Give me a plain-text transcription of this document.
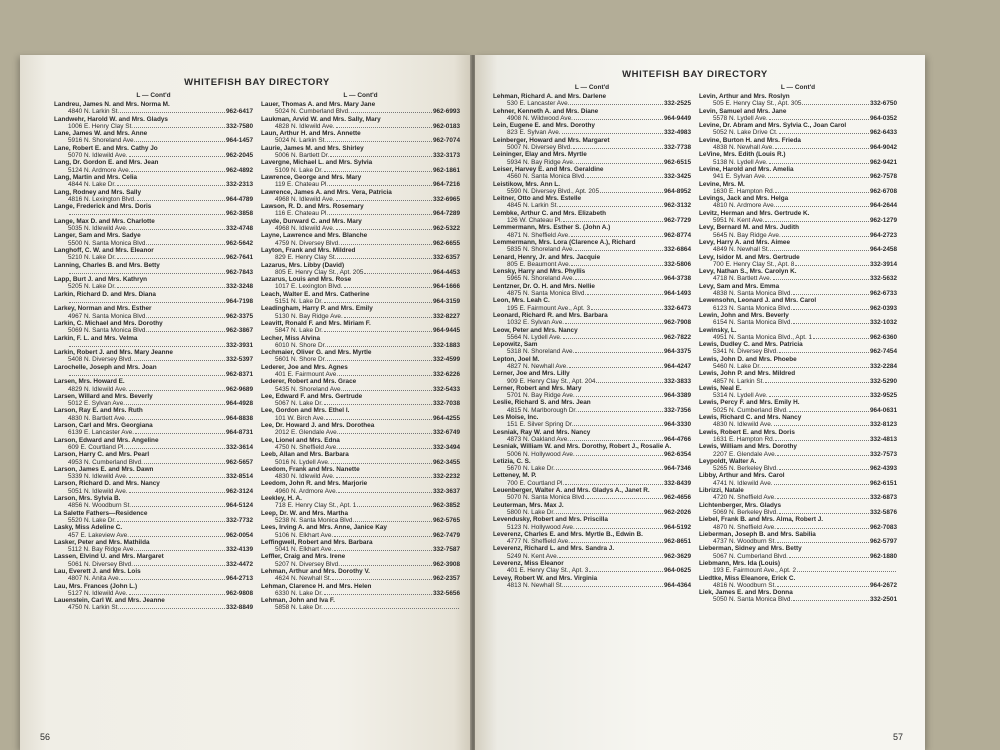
WHITEFISH BAY DIRECTORY
L — Cont'd
Landreu, James N. and Mrs. Norma M.
4840 N. Larkin St.	962-6417
Landwehr, Harold W. and Mrs. Gladys
1006 E. Henry Clay St.	332-7580
Lane, James W. and Mrs. Anne
5916 N. Shoreland Ave.	964-1457
Lane, Robert E. and Mrs. Cathy Jo
5070 N. Idlewild Ave.	962-2045
Lang, Dr. Gordon E. and Mrs. Jean
5124 N. Ardmore Ave.	962-4892
Lang, Martin and Mrs. Celia
4844 N. Lake Dr.	332-2313
Lang, Rodney and Mrs. Sally
4816 N. Lexington Blvd.	964-4789
Lange, Frederick and Mrs. Doris
962-3858
Lange, Max D. and Mrs. Charlotte
5035 N. Idlewild Ave.	332-4748
Langer, Sam and Mrs. Sadye
5500 N. Santa Monica Blvd.	962-5642
Langhoff, C. W. and Mrs. Eleanor
5210 N. Lake Dr.	962-7641
Lanning, Charles B. and Mrs. Betty
962-7843
Lapp, Burt J. and Mrs. Kathryn
5205 N. Lake Dr.	332-3248
Larkin, Richard D. and Mrs. Diana
964-7198
Larkey, Norman and Mrs. Esther
4967 N. Santa Monica Blvd.	962-3375
Larkin, C. Michael and Mrs. Dorothy
5069 N. Santa Monica Blvd.	962-3867
Larkin, F. L. and Mrs. Velma
332-3931
Larkin, Robert J. and Mrs. Mary Jeanne
5408 N. Diversey Blvd.	332-5397
Larochelle, Joseph and Mrs. Joan
962-8371
Larsen, Mrs. Howard E.
4829 N. Idlewild Ave.	962-9689
Larsen, Willard and Mrs. Beverly
5012 E. Sylvan Ave.	964-4928
Larson, Ray E. and Mrs. Ruth
4830 N. Bartlett Ave.	964-8838
Larson, Carl and Mrs. Georgiana
6139 E. Lancaster Ave.	964-8731
Larson, Edward and Mrs. Angeline
609 E. Courtland Pl.	332-3614
Larson, Harry C. and Mrs. Pearl
4953 N. Cumberland Blvd.	962-5657
Larson, James E. and Mrs. Dawn
5339 N. Idlewild Ave.	332-8514
Larson, Richard D. and Mrs. Nancy
5051 N. Idlewild Ave.	962-3124
Larson, Mrs. Sylvia B.
4856 N. Woodburn St.	964-5124
La Salette Fathers—Residence
5520 N. Lake Dr.	332-7732
Lasky, Miss Adeline C.
457 E. Lakeview Ave.	962-0054
Lasker, Peter and Mrs. Mathilda
5112 N. Bay Ridge Ave.	332-4139
Lassen, Elvind U. and Mrs. Margaret
5061 N. Diversey Blvd.	332-4472
Lau, Everett J. and Mrs. Lois
4807 N. Anita Ave.	964-2713
Lau, Mrs. Frances (John L.)
5127 N. Idlewild Ave.	962-9808
Lauenstein, Carl W. and Mrs. Jeanne
4750 N. Larkin St.	332-8849
L — Cont'd
Lauer, Thomas A. and Mrs. Mary Jane
5024 N. Cumberland Blvd.	962-6993
Laukman, Arvid W. and Mrs. Sally, Mary
4828 N. Idlewild Ave.	962-0183
Laun, Arthur H. and Mrs. Annette
5024 N. Larkin St.	962-7074
Laurie, James M. and Mrs. Shirley
5006 N. Bartlett Dr.	332-3173
Lavergne, Michael L. and Mrs. Sylvia
5109 N. Lake Dr.	962-1861
Lawrence, George and Mrs. Mary
119 E. Chateau Pl.	964-7216
Lawrence, James A. and Mrs. Vera, Patricia
4968 N. Idlewild Ave.	332-6965
Lawson, R. D. and Mrs. Rosemary
116 E. Chateau Pl.	964-7289
Layde, Durward C. and Mrs. Mary
4968 N. Idlewild Ave.	962-5322
Layne, Lawrence and Mrs. Blanche
4759 N. Diversey Blvd.	962-6655
Layton, Frank and Mrs. Mildred
829 E. Henry Clay St.	332-6357
Lazarus, Mrs. Libby (David)
805 E. Henry Clay St., Apt. 205	964-4453
Lazarus, Louis and Mrs. Rose
1017 E. Lexington Blvd.	964-1666
Leach, Walter E. and Mrs. Catherine
5151 N. Lake Dr.	964-3159
Leadingham, Harry P. and Mrs. Emily
5130 N. Bay Ridge Ave.	332-8227
Leavitt, Ronald F. and Mrs. Miriam F.
5847 N. Lake Dr.	964-9445
Lecher, Miss Alvina
6010 N. Shore Dr.	332-1883
Lechmaier, Oliver G. and Mrs. Myrtle
5601 N. Shore Dr.	332-4599
Lederer, Joe and Mrs. Agnes
401 E. Fairmount Ave.	332-6226
Lederer, Robert and Mrs. Grace
5435 N. Shoreland Ave.	332-5433
Lee, Edward F. and Mrs. Gertrude
5067 N. Lake Dr.	332-7038
Lee, Gordon and Mrs. Ethel I.
101 W. Birch Ave.	964-4255
Lee, Dr. Howard J. and Mrs. Dorothea
2012 E. Glendale Ave.	332-6749
Lee, Lionel and Mrs. Edna
4750 N. Sheffield Ave.	332-3494
Leeb, Allan and Mrs. Barbara
5016 N. Lydell Ave.	962-3455
Leedom, Frank and Mrs. Nanette
4830 N. Idlewild Ave.	332-2232
Leedom, John R. and Mrs. Marjorie
4960 N. Ardmore Ave.	332-3637
Leekley, H. A.
718 E. Henry Clay St., Apt. 1	962-3852
Leep, Dr. W. and Mrs. Martha
5238 N. Santa Monica Blvd.	962-5765
Lees, Irving A. and Mrs. Anne, Janice Kay
5106 N. Elkhart Ave.	962-7479
Leffingwell, Robert and Mrs. Barbara
5041 N. Elkhart Ave.	332-7587
Leffler, Craig and Mrs. Irene
5207 N. Diversey Blvd.	962-3908
Lehman, Arthur and Mrs. Dorothy V.
4624 N. Newhall St.	962-2357
Lehman, Clarence H. and Mrs. Helen
6330 N. Lake Dr.	332-5656
Lehman, John and Iva F.
5858 N. Lake Dr.
56
WHITEFISH BAY DIRECTORY
L — Cont'd
Lehman, Richard A. and Mrs. Darlene
530 E. Lancaster Ave.	332-2525
Lehner, Kenneth A. and Mrs. Diane
4908 N. Wildwood Ave.	964-9449
Lein, Eugene E. and Mrs. Dorothy
823 E. Sylvan Ave.	332-4983
Leinberger, Howard and Mrs. Margaret
5007 N. Diversey Blvd.	332-7738
Leininger, Elay and Mrs. Myrtle
5934 N. Bay Ridge Ave.	962-6515
Leiser, Harvey E. and Mrs. Geraldine
4560 N. Santa Monica Blvd.	332-3425
Leistikow, Mrs. Ann L.
5590 N. Diversey Blvd., Apt. 205	964-8952
Leitner, Otto and Mrs. Estelle
4845 N. Larkin St.	962-3132
Lembke, Arthur C. and Mrs. Elizabeth
126 W. Chateau Pl.	962-7729
Lemmermann, Mrs. Esther S. (John A.)
4871 N. Sheffield Ave.	962-8774
Lemmermann, Mrs. Lora (Clarence A.), Richard
5835 N. Shoreland Ave.	332-6864
Lenard, Henry, Jr. and Mrs. Jacquie
805 E. Beaumont Ave.	332-5806
Lensky, Harry and Mrs. Phyllis
5965 N. Shoreland Ave.	964-3738
Lentzner, Dr. O. H. and Mrs. Nellie
4875 N. Santa Monica Blvd.	964-1493
Leon, Mrs. Leah C.
195 E. Fairmount Ave., Apt. 3	332-6473
Leonard, Richard R. and Mrs. Barbara
1032 E. Sylvan Ave.	962-7908
Leow, Peter and Mrs. Nancy
5564 N. Lydell Ave.	962-7822
Lepowitz, Sam
5318 N. Shoreland Ave.	964-3375
Lepton, Joel M.
4827 N. Newhall Ave.	964-4247
Lerner, Joe and Mrs. Lilly
909 E. Henry Clay St., Apt. 204	332-3833
Lerner, Robert and Mrs. Mary
5701 N. Bay Ridge Ave.	964-3389
Leslie, Richard S. and Mrs. Jean
4815 N. Marlborough Dr.	332-7356
Les Moise, Inc.
151 E. Silver Spring Dr.	964-3330
Lesniak, Ray W. and Mrs. Nancy
4873 N. Oakland Ave.	964-4766
Lesniak, William W. and Mrs. Dorothy, Robert J., Rosalie A.
5006 N. Hollywood Ave.	962-6354
Letizia, C. S.
5670 N. Lake Dr.	964-7346
Letteney, M. P.
700 E. Courtland Pl.	332-8439
Leuenberger, Walter A. and Mrs. Gladys A., Janet R.
5070 N. Santa Monica Blvd.	962-4656
Leuterman, Mrs. Max J.
5800 N. Lake Dr.	962-2026
Levendusky, Robert and Mrs. Priscilla
5123 N. Hollywood Ave.	964-5192
Leverenz, Charles E. and Mrs. Myrtle B., Edwin B.
4777 N. Sheffield Ave.	962-8651
Leverenz, Richard L. and Mrs. Sandra J.
5249 N. Kent Ave.	962-3629
Leverenz, Miss Eleanor
401 E. Henry Clay St., Apt. 3	964-0625
Levey, Robert W. and Mrs. Virginia
4813 N. Newhall St.	964-4364
L — Cont'd
Levin, Arthur and Mrs. Roslyn
505 E. Henry Clay St., Apt. 305	332-6750
Levin, Samuel and Mrs. Jane
5578 N. Lydell Ave.	964-0352
Levine, Dr. Abram and Mrs. Sylvia C., Joan Carol
5052 N. Lake Drive Ct.	962-6433
Levine, Burton H. and Mrs. Frieda
4838 N. Newhall Ave.	964-9042
LeVine, Mrs. Edith (Louis R.)
5138 N. Lydell Ave.	962-9421
Levine, Harold and Mrs. Amelia
941 E. Sylvan Ave.	962-7578
Levine, Mrs. M.
1630 E. Hampton Rd.	962-6708
Levings, Jack and Mrs. Helga
4810 N. Ardmore Ave.	964-2644
Levitz, Herman and Mrs. Gertrude K.
5951 N. Kent Ave.	962-1279
Levy, Bernard M. and Mrs. Judith
5645 N. Bay Ridge Ave.	964-2723
Levy, Harry A. and Mrs. Aimee
4849 N. Newhall St.	964-2458
Levy, Isidor M. and Mrs. Gertrude
700 E. Henry Clay St., Apt. 8	332-3914
Levy, Nathan S., Mrs. Carolyn K.
4718 N. Bartlett Ave.	332-5632
Levy, Sam and Mrs. Emma
4838 N. Santa Monica Blvd.	962-6733
Lewensohn, Leonard J. and Mrs. Carol
6123 N. Santa Monica Blvd.	962-0393
Lewin, John and Mrs. Beverly
6154 N. Santa Monica Blvd.	332-1032
Lewinsky, L.
4951 N. Santa Monica Blvd., Apt. 1	962-6360
Lewis, Dudley C. and Mrs. Patricia
5341 N. Diversey Blvd.	962-7454
Lewis, John D. and Mrs. Phoebe
5460 N. Lake Dr.	332-2284
Lewis, John P. and Mrs. Mildred
4857 N. Larkin St.	332-5290
Lewis, Neal E.
5314 N. Lydell Ave.	332-9525
Lewis, Percy F. and Mrs. Emily H.
5025 N. Cumberland Blvd.	964-0631
Lewis, Richard C. and Mrs. Nancy
4830 N. Idlewild Ave.	332-8123
Lewis, Robert E. and Mrs. Doris
1631 E. Hampton Rd.	332-4813
Lewis, William and Mrs. Dorothy
2207 E. Glendale Ave.	332-7573
Leypoldt, Walter A.
5265 N. Berkeley Blvd.	962-4393
Libby, Arthur and Mrs. Carol
4741 N. Idlewild Ave.	962-6151
Librizzi, Natale
4720 N. Sheffield Ave.	332-6873
Lichtenberger, Mrs. Gladys
5069 N. Berkeley Blvd.	332-5876
Liebel, Frank B. and Mrs. Alma, Robert J.
4870 N. Sheffield Ave.	962-7083
Lieberman, Joseph B. and Mrs. Sabilia
4737 N. Woodburn St.	962-5797
Lieberman, Sidney and Mrs. Betty
5067 N. Cumberland Blvd.	962-1880
Liebmann, Mrs. Ida (Louis)
193 E. Fairmount Ave., Apt. 2
Liedtke, Miss Eleanore, Erick C.
4816 N. Woodburn St.	964-2672
Liek, James E. and Mrs. Donna
5050 N. Santa Monica Blvd.	332-2501
57
